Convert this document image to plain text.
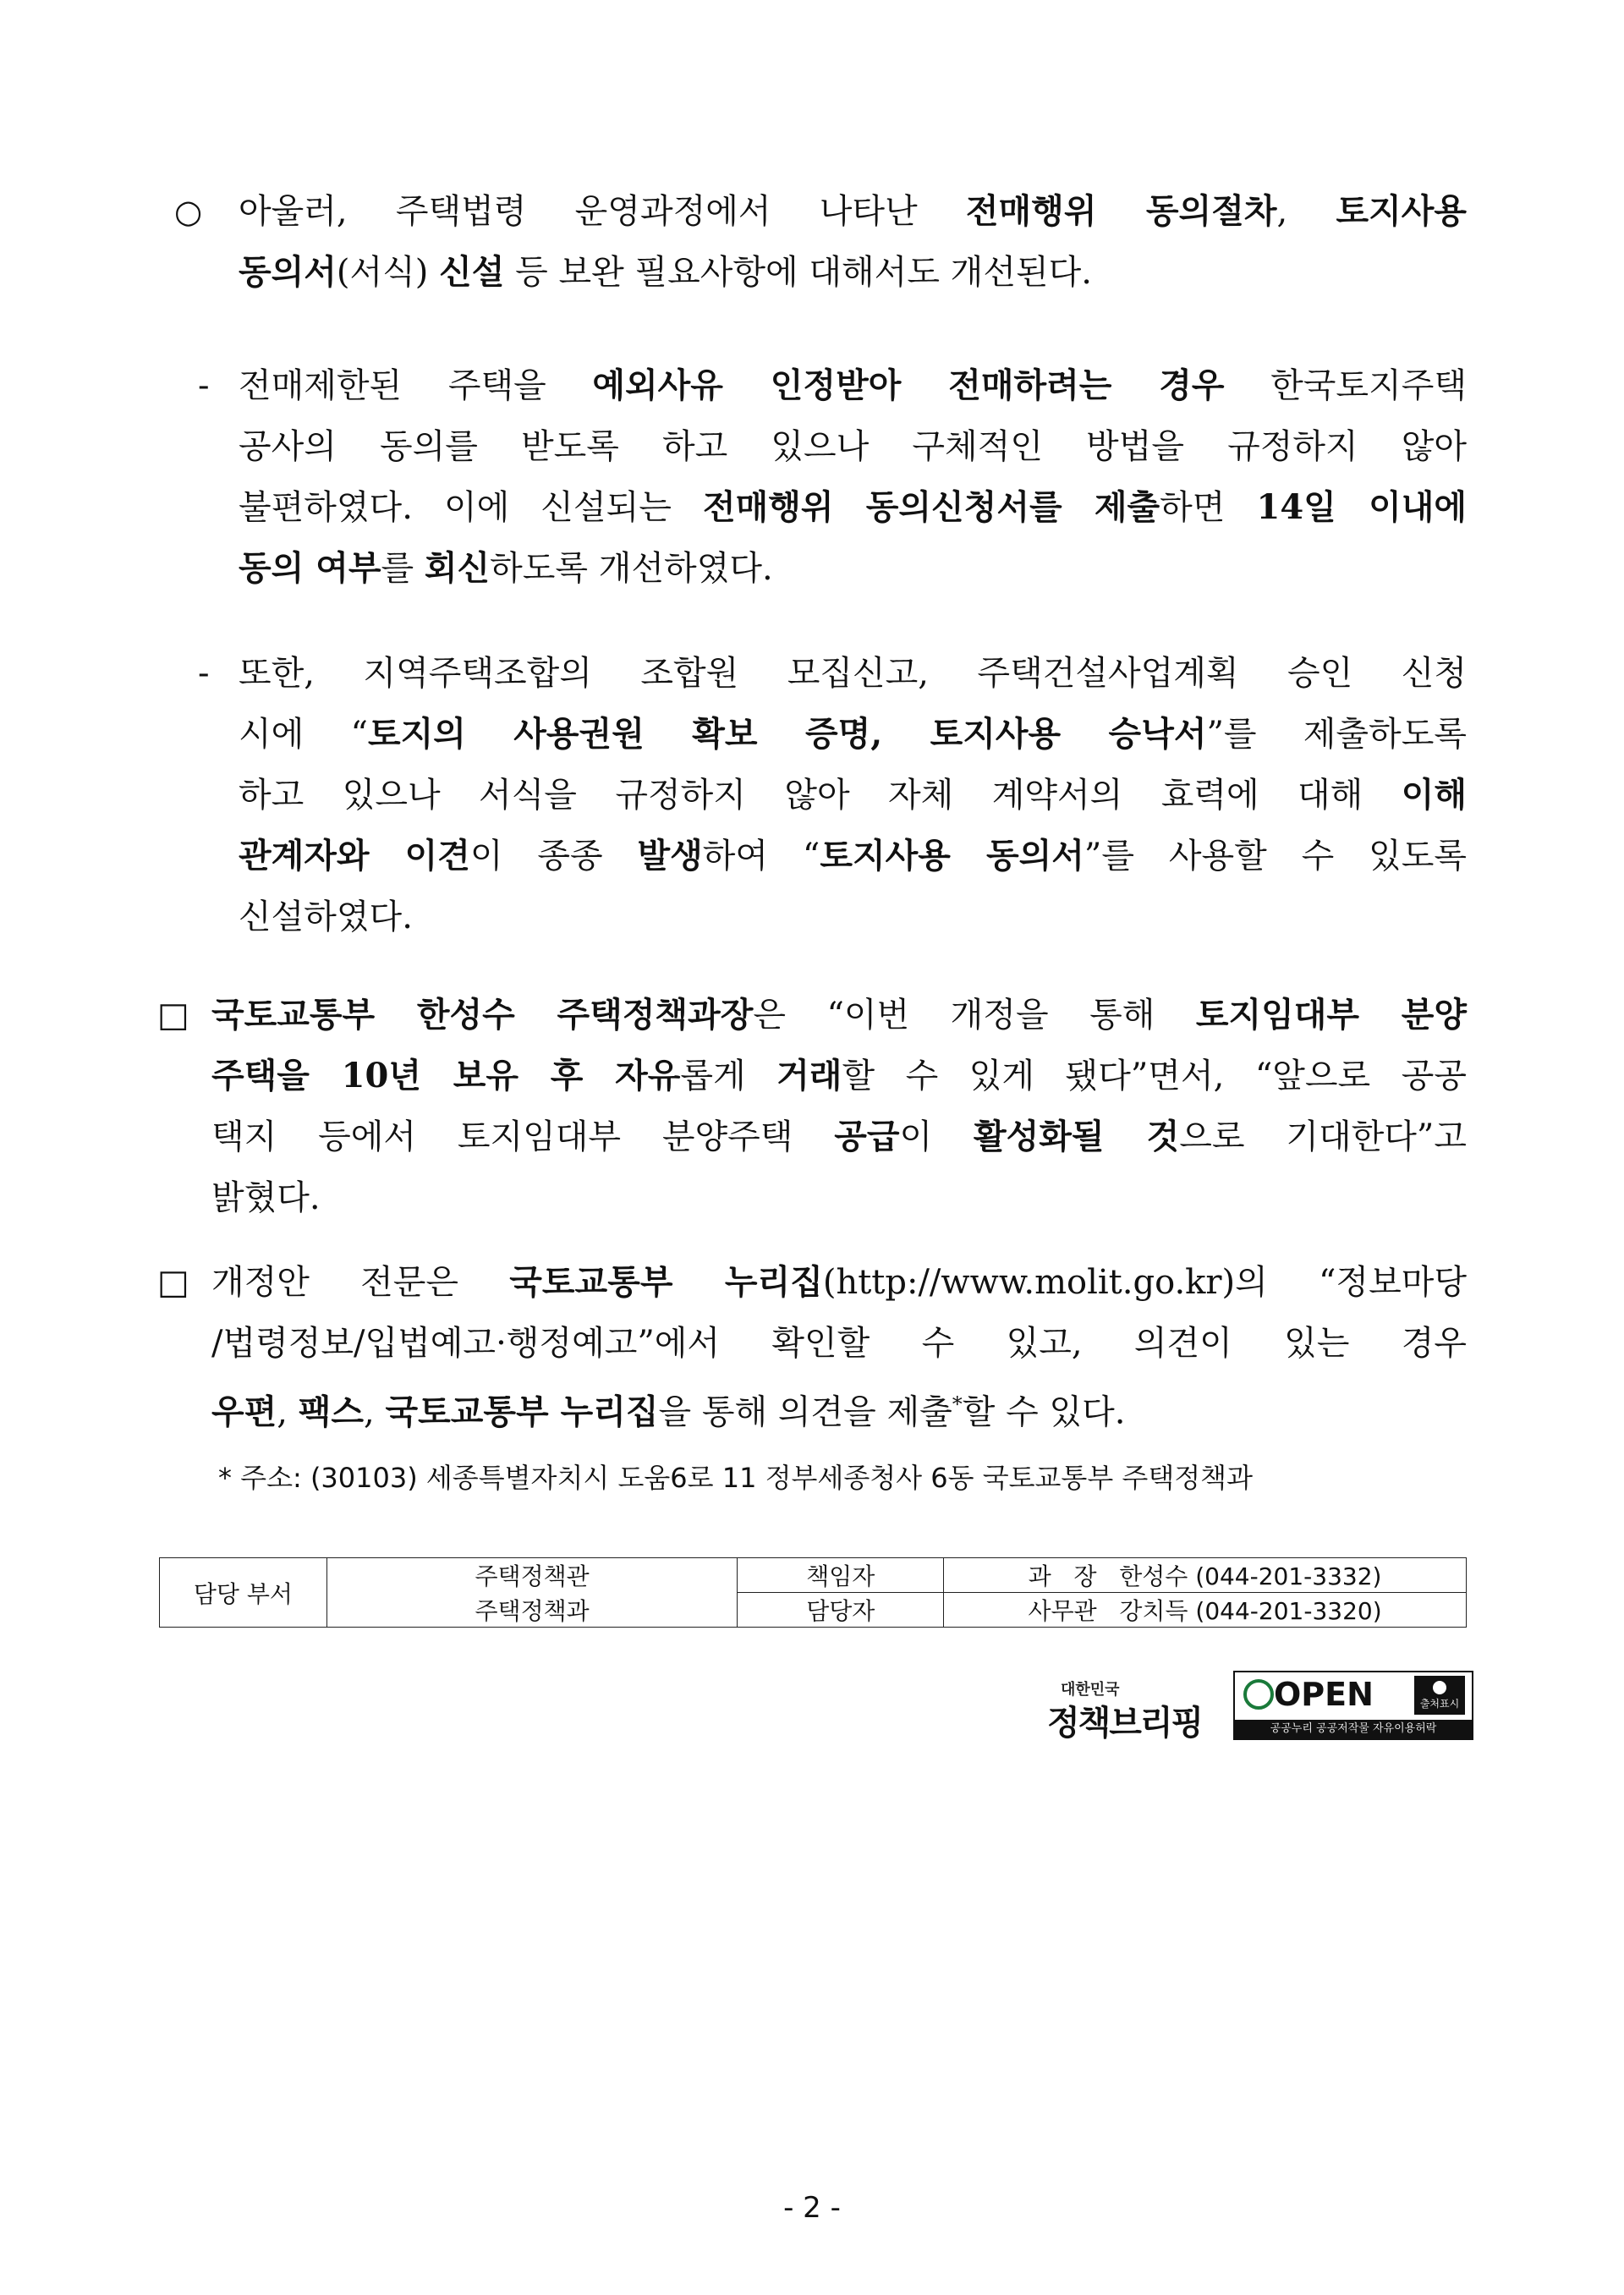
○ 아울러, 주택법령 운영과정에서 나타난 전매행위 동의절차, 토지사용
동의서(서식) 신설 등 보완 필요사항에 대해서도 개선된다.
- 전매제한된 주택을 예외사유 인정받아 전매하려는 경우 한국토지주택
공사의 동의를 받도록 하고 있으나 구체적인 방법을 규정하지 않아
불편하였다. 이에 신설되는 전매행위 동의신청서를 제출하면 14일 이내에
동의 여부를 회신하도록 개선하였다.
- 또한, 지역주택조합의 조합원 모집신고, 주택건설사업계획 승인 신청
시에 “토지의 사용권원 확보 증명, 토지사용 승낙서”를 제출하도록
하고 있으나 서식을 규정하지 않아 자체 계약서의 효력에 대해 이해
관계자와 이견이 종종 발생하여 “토지사용 동의서”를 사용할 수 있도록
신설하였다.
□ 국토교통부 한성수 주택정책과장은 “이번 개정을 통해 토지임대부 분양
주택을 10년 보유 후 자유롭게 거래할 수 있게 됐다”면서, “앞으로 공공
택지 등에서 토지임대부 분양주택 공급이 활성화될 것으로 기대한다”고
밝혔다.
□ 개정안 전문은 국토교통부 누리집(http://www.molit.go.kr)의 “정보마당
/법령정보/입법예고·행정예고”에서 확인할 수 있고, 의견이 있는 경우
우편, 팩스, 국토교통부 누리집을 통해 의견을 제출*할 수 있다.
* 주소: (30103) 세종특별자치시 도움6로 11 정부세종청사 6동 국토교통부 주택정책과
담당 부서	주택정책관	책임자	과   장   한성수 (044-201-3332)
	주택정책과	담당자	사무관   강치득 (044-201-3320)
대한민국
정책브리핑
OPEN	출처표시
공공누리 공공저작물 자유이용허락
- 2 -
